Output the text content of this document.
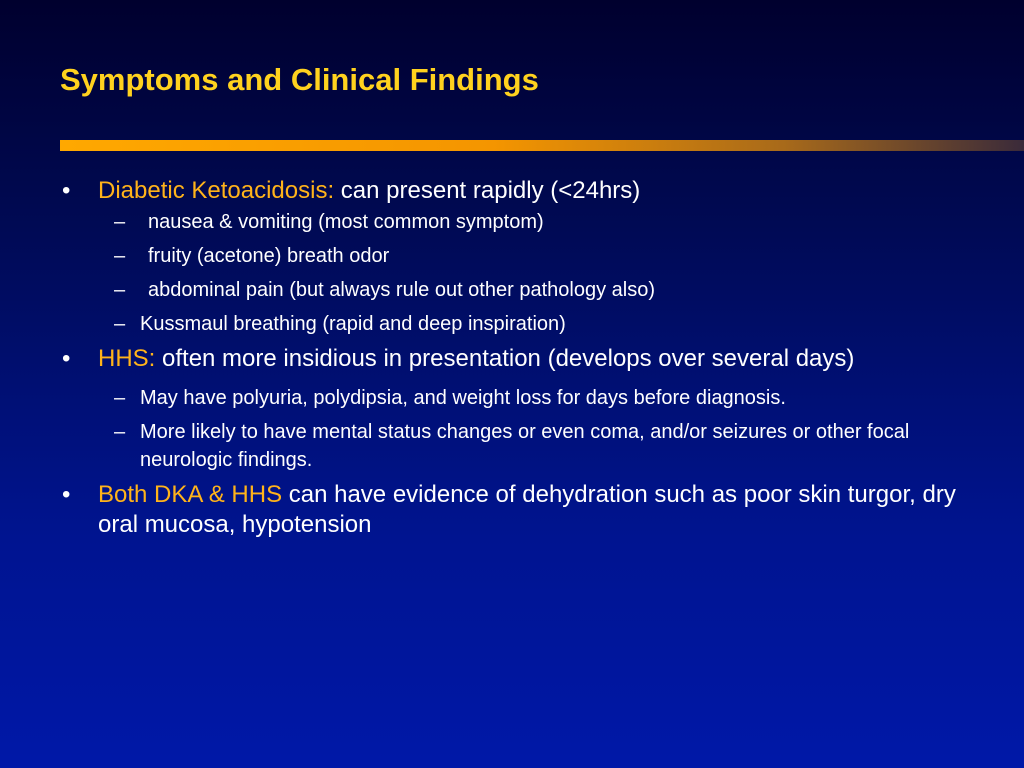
Symptoms and Clinical Findings
• Diabetic Ketoacidosis: can present rapidly (<24hrs)
– nausea & vomiting (most common symptom)
– fruity (acetone) breath odor
– abdominal pain (but always rule out other pathology also)
– Kussmaul breathing (rapid and deep inspiration)
• HHS: often more insidious in presentation (develops over several days)
– May have polyuria, polydipsia, and weight loss for days before diagnosis.
– More likely to have mental status changes or even coma, and/or seizures or other focal neurologic findings.
• Both DKA & HHS can have evidence of dehydration such as poor skin turgor, dry oral mucosa, hypotension
